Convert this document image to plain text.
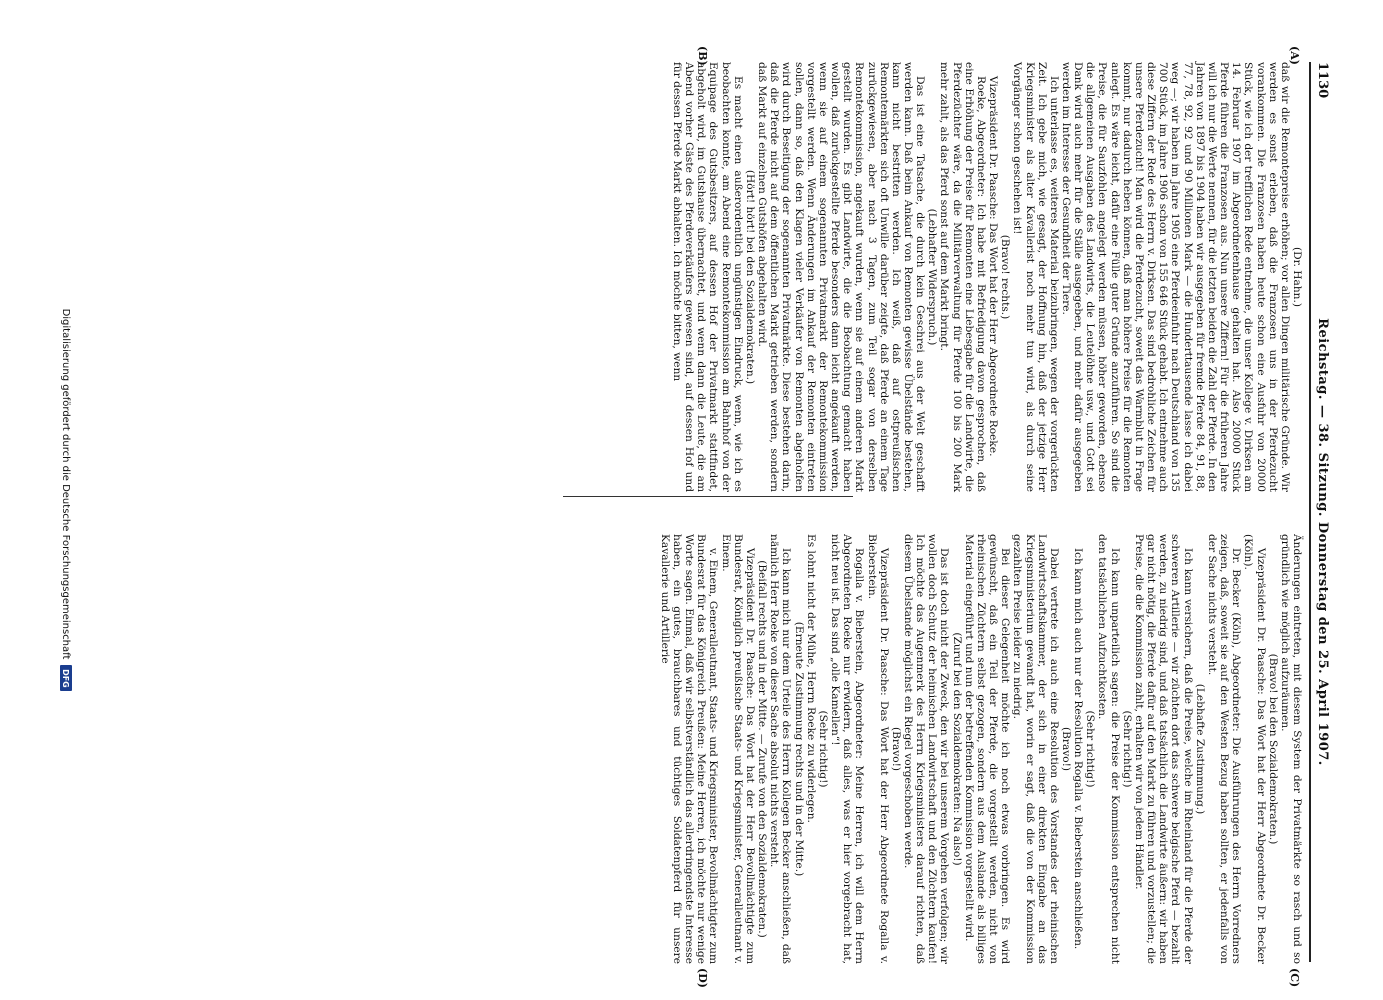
1130
Reichstag. — 38. Sitzung. Donnerstag den 25. April 1907.
(A)
(B)
(C)
(D)

(Dr. Hahn.)

daß wir die Remontepreise erhöhen; vor allen Dingen militärische Gründe. Wir werden es sonst erleben, daß die Franzosen uns in der Pferdezucht vorankommen. Die Franzosen haben heute schon eine Ausfuhr von 20000 Stück, wie ich der trefflichen Rede entnehme, die unser Kollege v. Dirksen am 14. Februar 1907 im Abgeordnetenhause gehalten hat. Also 20000 Stück Pferde führen die Franzosen aus. Nun unsere Ziffern! Für die früheren Jahre will ich nur die Werte nennen, für die letzten beiden die Zahl der Pferde. In den Jahren von 1897 bis 1904 haben wir ausgegeben für fremde Pferde 84, 91, 88, 77, 78, 92, 92 und 90 Millionen Mark — die Hunderttausende lasse ich dabei weg —; wir haben im Jahre 1905 eine Pferdeeinfuhr nach Deutschland von 135 700 Stück, im Jahre 1906 schon von 155 646 Stück gehabt. Ich entnehme auch diese Ziffern der Rede des Herrn v. Dirksen. Das sind bedrohliche Zeichen für unsere Pferdezucht! Man wird die Pferdezucht, soweit das Warmblut in Frage kommt, nur dadurch heben können, daß man höhere Preise für die Remonten anlegt. Es wäre leicht, dafür eine Fülle guter Gründe anzuführen. So sind die Preise, die für Sauzfohlen angelegt werden müssen, höher geworden, ebenso die allgemeinen Ausgaben des Landwirts, die Leutelöhne usw., und Gott sei Dank wird auch mehr für die Ställe ausgegeben, und mehr dafür ausgegeben werden im Interesse der Gesundheit der Tiere.

Ich unterlasse es, weiteres Material beizubringen, wegen der vorgerückten Zeit. Ich gebe mich, wie gesagt, der Hoffnung hin, daß der jetzige Herr Kriegsminister als alter Kavallerist noch mehr tun wird, als durch seine Vorgänger schon geschehen ist!

(Bravo! rechts.)

Vizepräsident Dr. Paasche: Das Wort hat der Herr Abgeordnete Roeke.

Roeke, Abgeordneter: Ich habe mit Befriedigung davon gesprochen, daß eine Erhöhung der Preise für Remonten eine Liebesgabe für die Landwirte, die Pferdezüchter wäre, da die Militärverwaltung für Pferde 100 bis 200 Mark mehr zahlt, als das Pferd sonst auf dem Markt bringt.

(Lebhafter Widerspruch.)

Das ist eine Tatsache, die durch kein Geschrei aus der Welt geschafft werden kann. Daß beim Ankauf von Remonten gewisse Übelstände bestehen, kann nicht bestritten werden. Ich weiß, daß auf ostpreußischen Remontemärkten sich oft Unwille darüber zeigte, daß Pferde an einem Tage zurückgewiesen, aber nach 3 Tagen, zum Teil sogar von derselben Remontekommission, angekauft wurden, wenn sie auf einem anderen Markt gestellt wurden. Es gibt Landwirte, die die Beobachtung gemacht haben wollen, daß zurückgestellte Pferde besonders dann leicht angekauft werden, wenn sie auf einem sogenannten Privatmarkt der Remontekommission vorgestellt werden. Wenn Änderungen im Ankauf der Remonten eintreten sollen, dann so, daß den Klagen vieler Verkäufer von Remonten abgeholfen wird durch Beseitigung der sogenannten Privatmärkte. Diese bestehen darin, daß die Pferde nicht auf dem öffentlichen Markt getrieben werden, sondern daß Markt auf einzelnen Gutshöfen abgehalten wird.

(Hört! hört! bei den Sozialdemokraten.)

Es macht einen außerordentlich ungünstigen Eindruck, wenn, wie ich es beobachten konnte, am Abend eine Remontekommission am Bahnhof von der Equipage des Gutsbesitzers, auf dessen Hof der Privatmarkt stattfindet, abgeholt wird, im Gutshause übernachtet, und wenn dann die Leute, die am Abend vorher Gäste des Pferdeverkäufers gewesen sind, auf dessen Hof und für dessen Pferde Markt abhalten. Ich möchte bitten, wenn

Änderungen eintreten, mit diesem System der Privatmärkte so rasch und so gründlich wie möglich aufzuräumen.

(Bravo! bei den Sozialdemokraten.)

Vizepräsident Dr. Paasche: Das Wort hat der Herr Abgeordnete Dr. Becker (Köln).

Dr. Becker (Köln), Abgeordneter: Die Ausführungen des Herrn Vorredners zeigen, daß, soweit sie auf den Westen Bezug haben sollten, er jedenfalls von der Sache nichts versteht.

(Lebhafte Zustimmung.)

Ich kann versichern, daß die Preise, welche im Rheinland für die Pferde der schweren Artillerie — wir züchten dort das schwere belgische Pferd — bezahlt werden, zu niedrig sind, und daß tatsächlich die Landwirte äußern: wir haben gar nicht nötig, die Pferde dafür auf den Markt zu führen und vorzustellen; die Preise, die die Kommission zahlt, erhalten wir von jedem Händler.

(Sehr richtig!)

Ich kann unparteilich sagen: die Preise der Kommission entsprechen nicht den tatsächlichen Aufzuchtkosten.

(Sehr richtig!)

Ich kann mich auch nur der Resolution Rogalla v. Bieberstein anschließen.

(Bravo!)

Dabei vertrete ich auch eine Resolution des Vorstandes der rheinischen Landwirtschaftskammer, der sich in einer direkten Eingabe an das Kriegsministerium gewandt hat, worin er sagt, daß die von der Kommission gezahlten Preise leider zu niedrig.

Bei dieser Gelegenheit möchte ich noch etwas vorbringen. Es wird gewünscht, daß ein Teil der Pferde, die vorgestellt werden, nicht von rheinischen Züchtern selbst gezogen, sondern aus dem Auslande als billiges Material eingeführt und nun der betreffenden Kommission vorgestellt wird.

(Zuruf bei den Sozialdemokraten: Na also!)

Das ist doch nicht der Zweck, den wir bei unserem Vorgehen verfolgen; wir wollen doch Schutz der heimischen Landwirtschaft und den Züchtern kaufen! Ich möchte das Augenmerk des Herrn Kriegsministers darauf richten, daß diesem Übelstande möglichst ein Riegel vorgeschoben werde.

(Bravo!)

Vizepräsident Dr. Paasche: Das Wort hat der Herr Abgeordnete Rogalla v. Bieberstein.

Rogalla v. Bieberstein, Abgeordneter: Meine Herren, ich will dem Herrn Abgeordneten Roeke nur erwidern, daß alles, was er hier vorgebracht hat, nicht neu ist. Das sind „olle Kamellen“!

(Sehr richtig!)

Es lohnt nicht der Mühe, Herrn Roeke zu widerlegen.

(Erneute Zustimmung rechts und in der Mitte.)

Ich kann mich nur dem Urteile des Herrn Kollegen Becker anschließen, daß nämlich Herr Roeke von dieser Sache absolut nichts versteht.

(Beifall rechts und in der Mitte. — Zurufe von den Sozialdemokraten.)

Vizepräsident Dr. Paasche: Das Wort hat der Herr Bevollmächtigte zum Bundesrat, Königlich preußische Staats- und Kriegsminister, Generalleutnant v. Einem.

v. Einem, Generalleutnant, Staats- und Kriegsminister, Bevollmächtigter zum Bundesrat für das Königreich Preußen: Meine Herren, ich möchte nur wenige Worte sagen. Einmal, daß wir selbstverständlich das allerdringendste Interesse haben, ein gutes, brauchbares und tüchtiges Soldatenpferd für unsere Kavallerie und Artillerie

Digitalisierung gefördert durch die Deutsche Forschungsgemeinschaft
DFG
